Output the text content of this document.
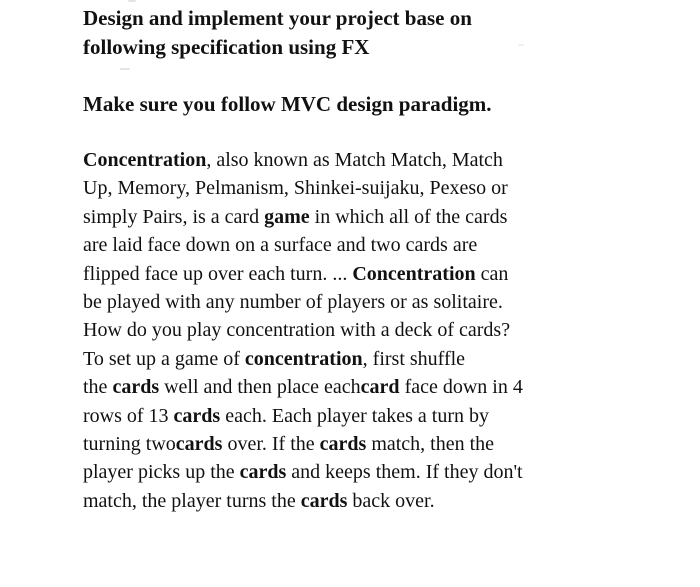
Design and implement your project base on
following specification using FX

Make sure you follow MVC design paradigm.

Concentration, also known as Match Match, Match
Up, Memory, Pelmanism, Shinkei-suijaku, Pexeso or
simply Pairs, is a card game in which all of the cards
are laid face down on a surface and two cards are
flipped face up over each turn. ... Concentration can
be played with any number of players or as solitaire.
How do you play concentration with a deck of cards?
To set up a game of concentration, first shuffle
the cards well and then place eachcard face down in 4
rows of 13 cards each. Each player takes a turn by
turning twocards over. If the cards match, then the
player picks up the cards and keeps them. If they don't
match, the player turns the cards back over.
